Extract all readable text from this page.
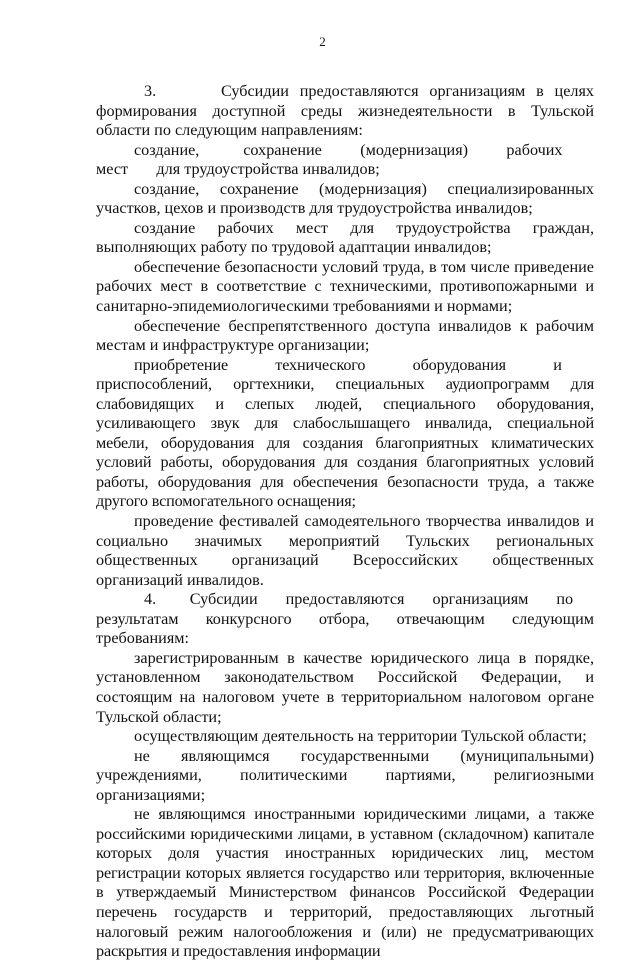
2

3.      Субсидии предоставляются организациям в целях формирования доступной среды жизнедеятельности в Тульской области по следующим направлениям:

создание,        сохранение       (модернизация)       рабочих       мест       для трудоустройства инвалидов;

создание, сохранение (модернизация) специализированных участков, цехов и производств для трудоустройства инвалидов;

создание рабочих мест для трудоустройства граждан, выполняющих работу по трудовой адаптации инвалидов;

обеспечение безопасности условий труда, в том числе приведение рабочих мест в соответствие с техническими, противопожарными и санитарно-эпидемиологическими требованиями и нормами;

обеспечение беспрепятственного доступа инвалидов к рабочим местам и инфраструктуре организации;

приобретение     технического     оборудования     и     приспособлений, оргтехники, специальных аудиопрограмм для слабовидящих и слепых людей, специального оборудования, усиливающего звук для слабослышащего инвалида, специальной мебели, оборудования для создания благоприятных климатических условий работы, оборудования для создания благоприятных условий работы, оборудования для обеспечения безопасности труда, а также другого вспомогательного оснащения;

проведение фестивалей самодеятельного творчества инвалидов и социально значимых мероприятий Тульских региональных общественных организаций Всероссийских общественных организаций инвалидов.

4.      Субсидии     предоставляются     организациям     по     результатам конкурсного отбора, отвечающим следующим требованиям:

зарегистрированным в качестве юридического лица в порядке, установленном законодательством Российской Федерации, и состоящим на налоговом учете в территориальном налоговом органе Тульской области;

осуществляющим деятельность на территории Тульской области;

не являющимся государственными (муниципальными) учреждениями, политическими партиями, религиозными организациями;

не являющимся иностранными юридическими лицами, а также российскими юридическими лицами, в уставном (складочном) капитале которых доля участия иностранных юридических лиц, местом регистрации которых является государство или территория, включенные в утверждаемый Министерством финансов Российской Федерации перечень государств и территорий, предоставляющих льготный налоговый режим налогообложения и (или) не предусматривающих раскрытия и предоставления информации
